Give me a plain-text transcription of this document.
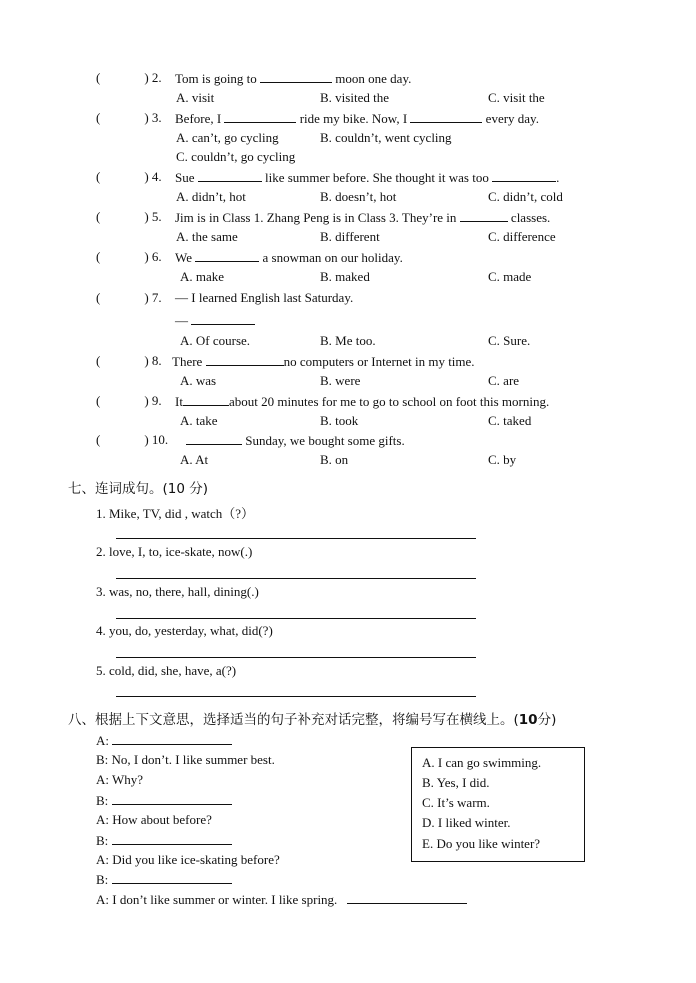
(	) 2. Tom is going to	moon one day.
A. visit	B. visited the	C. visit the
(	) 3. Before, I	ride my bike. Now, I	every day.
A. can’t, go cycling	B. couldn’t, went cycling
C. couldn’t, go cycling
(	) 4. Sue	like summer before. She thought it was too	.
A. didn’t, hot	B. doesn’t, hot	C. didn’t, cold
(	) 5. Jim is in Class 1. Zhang Peng is in Class 3. They’re in	classes.
A. the same	B. different	C. difference
(	) 6. We	a snowman on our holiday.
A. make	B. maked	C. made
(	) 7. — I learned English last Saturday.
—
A. Of course.	B. Me too.	C. Sure.
(	) 8. There	no computers or Internet in my time.
A. was	B. were	C. are
(	) 9. It	about 20 minutes for me to go to school on foot this morning.
A. take	B. took	C. taked
(	) 10.	Sunday, we bought some gifts.
A. At	B. on	C. by
七、连词成句。(10 分)
1. Mike, TV, did , watch（?）
2. love, I, to, ice-skate, now(.)
3. was, no, there, hall, dining(.)
4. you, do, yesterday, what, did(?)
5. cold, did, she, have, a(?)
八、根据上下文意思，选择适当的句子补充对话完整，将编号写在横线上。(10分)
A:
B: No, I don’t. I like summer best.
A: Why?
B:
A: How about before?
B:
A: Did you like ice-skating before?
B:
A: I don’t like summer or winter. I like spring.
A. I can go swimming.
B. Yes, I did.
C. It’s warm.
D. I liked winter.
E. Do you like winter?
